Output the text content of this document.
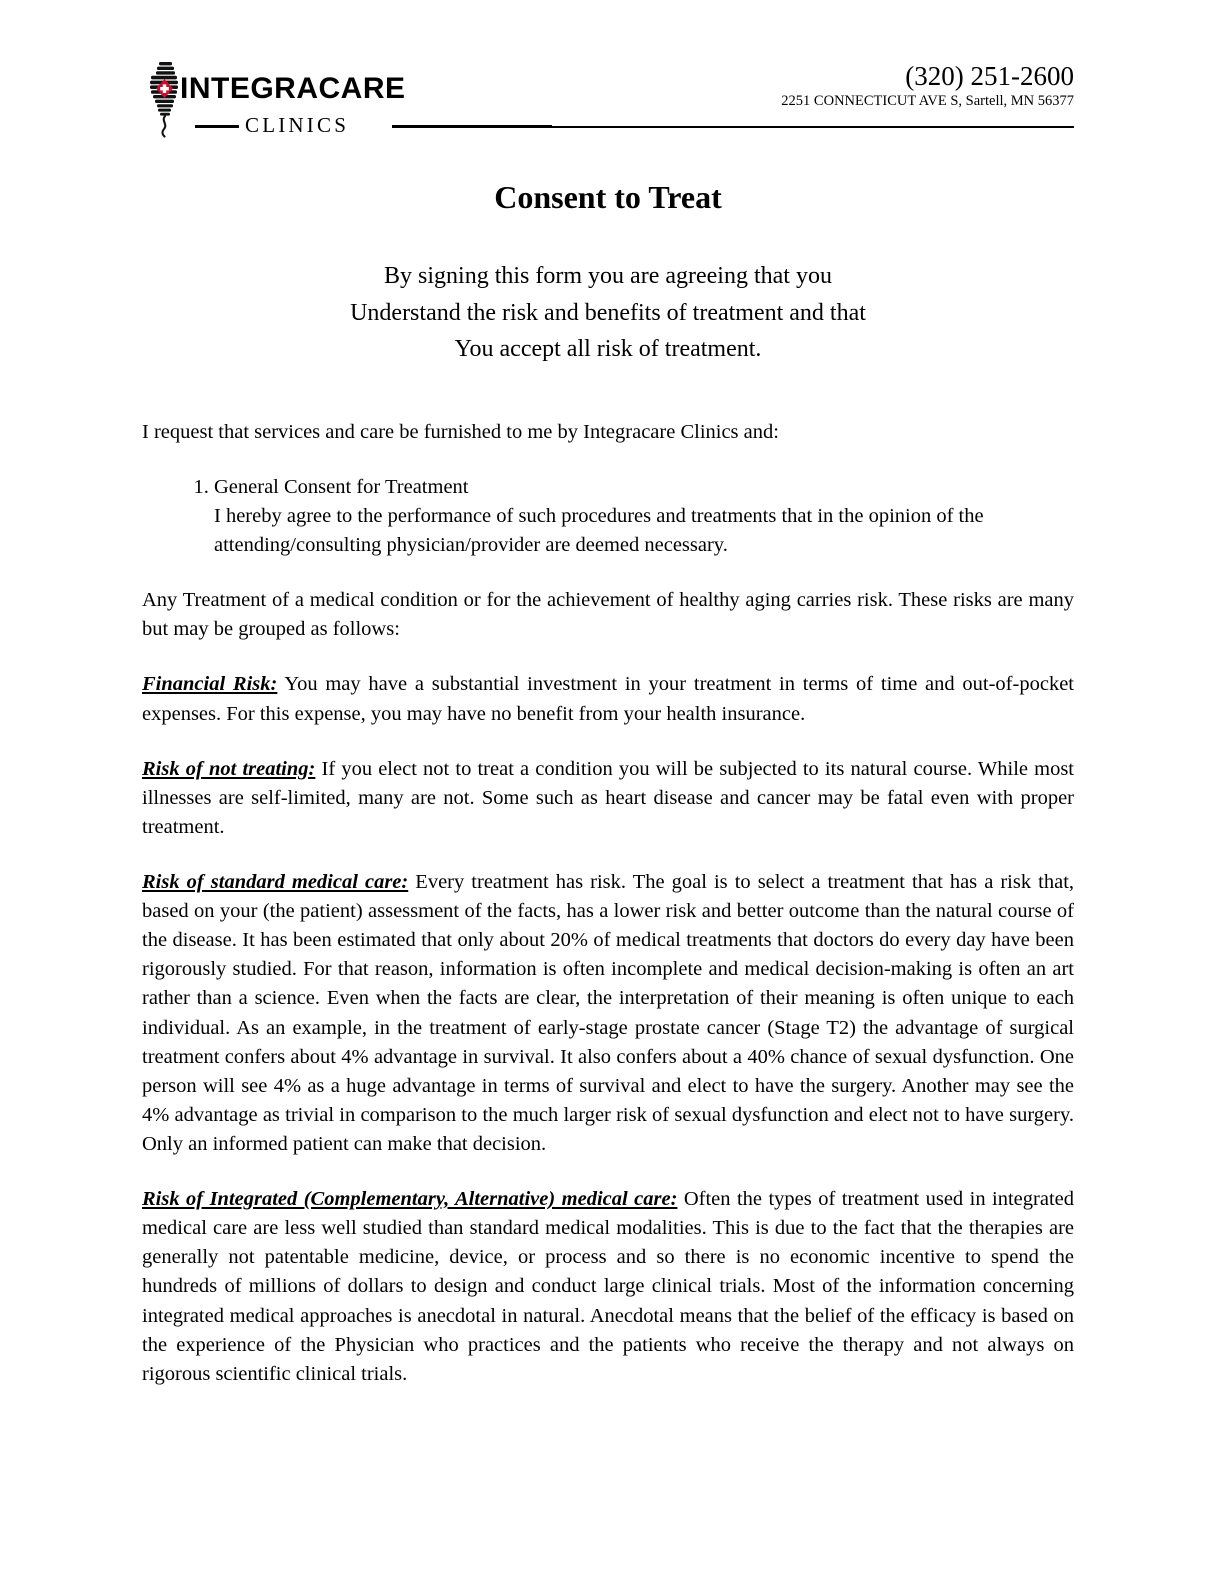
INTEGRACARE
CLINICS
(320) 251-2600
2251 CONNECTICUT AVE S, Sartell, MN 56377
Consent to Treat
By signing this form you are agreeing that you
Understand the risk and benefits of treatment and that
You accept all risk of treatment.

I request that services and care be furnished to me by Integracare Clinics and:

1. General Consent for Treatment
I hereby agree to the performance of such procedures and treatments that in the opinion of the attending/consulting physician/provider are deemed necessary.

Any Treatment of a medical condition or for the achievement of healthy aging carries risk. These risks are many but may be grouped as follows:

Financial Risk: You may have a substantial investment in your treatment in terms of time and out-of-pocket expenses. For this expense, you may have no benefit from your health insurance.

Risk of not treating: If you elect not to treat a condition you will be subjected to its natural course. While most illnesses are self-limited, many are not. Some such as heart disease and cancer may be fatal even with proper treatment.

Risk of standard medical care: Every treatment has risk. The goal is to select a treatment that has a risk that, based on your (the patient) assessment of the facts, has a lower risk and better outcome than the natural course of the disease. It has been estimated that only about 20% of medical treatments that doctors do every day have been rigorously studied. For that reason, information is often incomplete and medical decision-making is often an art rather than a science. Even when the facts are clear, the interpretation of their meaning is often unique to each individual. As an example, in the treatment of early-stage prostate cancer (Stage T2) the advantage of surgical treatment confers about 4% advantage in survival. It also confers about a 40% chance of sexual dysfunction. One person will see 4% as a huge advantage in terms of survival and elect to have the surgery. Another may see the 4% advantage as trivial in comparison to the much larger risk of sexual dysfunction and elect not to have surgery. Only an informed patient can make that decision.

Risk of Integrated (Complementary, Alternative) medical care: Often the types of treatment used in integrated medical care are less well studied than standard medical modalities. This is due to the fact that the therapies are generally not patentable medicine, device, or process and so there is no economic incentive to spend the hundreds of millions of dollars to design and conduct large clinical trials. Most of the information concerning integrated medical approaches is anecdotal in natural. Anecdotal means that the belief of the efficacy is based on the experience of the Physician who practices and the patients who receive the therapy and not always on rigorous scientific clinical trials.
